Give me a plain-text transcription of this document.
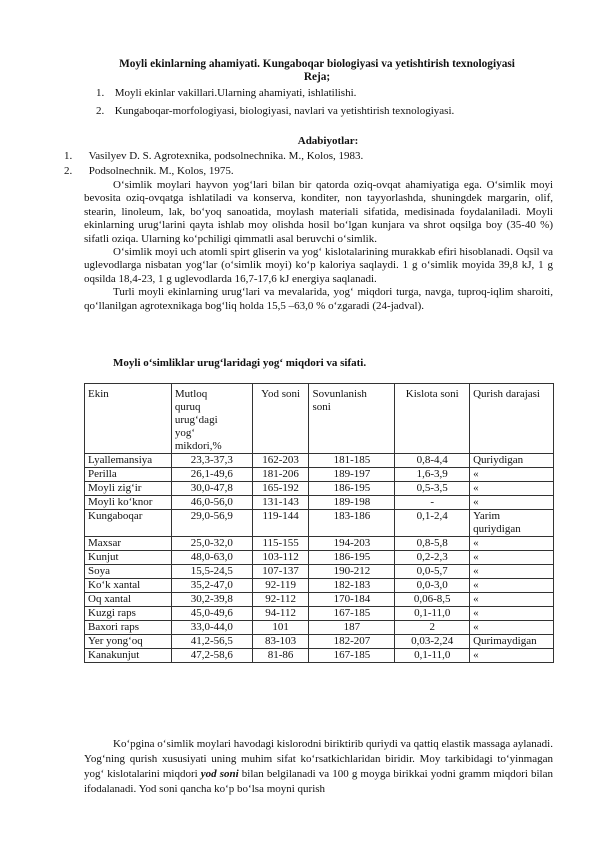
Moyli ekinlarning ahamiyati. Kungaboqar biologiyasi va yetishtirish texnologiyasi
Reja;
1. Moyli ekinlar vakillari.Ularning ahamiyati, ishlatilishi.
2. Kungaboqar-morfologiyasi, biologiyasi, navlari va yetishtirish texnologiyasi.
Adabiyotlar:
1. Vasilyev D. S. Agrotexnika, podsolnechnika. M., Kolos, 1983.
2. Podsolnechnik. M., Kolos, 1975.

O‘simlik moylari hayvon yog‘lari bilan bir qatorda oziq-ovqat ahamiyatiga ega. O‘simlik moyi bevosita oziq-ovqatga ishlatiladi va konserva, konditer, non tayyorlashda, shuningdek margarin, olif, stearin, linoleum, lak, bo‘yoq sanoatida, moylash materiali sifatida, medisinada foydalaniladi. Moyli ekinlarning urug‘larini qayta ishlab moy olishda hosil bo‘lgan kunjara va shrot oqsilga boy (35-40 %) sifatli oziqa. Ularning ko‘pchiligi qimmatli asal beruvchi o‘simlik.

O‘simlik moyi uch atomli spirt gliserin va yog‘ kislotalarining murakkab efiri hisoblanadi. Oqsil va uglevodlarga nisbatan yog‘lar (o‘simlik moyi) ko‘p kaloriya saqlaydi. 1 g o‘simlik moyida 39,8 kJ, 1 g oqsilda 18,4-23, 1 g uglevodlarda 16,7-17,6 kJ energiya saqlanadi.

Turli moyli ekinlarning urug‘lari va mevalarida, yog‘ miqdori turga, navga, tuproq-iqlim sharoiti, qo‘llanilgan agrotexnikaga bog‘liq holda 15,5 –63,0 % o‘zgaradi (24-jadval).

Moyli o‘simliklar urug‘laridagi yog‘ miqdori va sifati.
Ekin	Mutloq quruq urug‘dagi yog‘ mikdori,%	Yod soni	Sovunlanish soni	Kislota soni	Qurish darajasi
Lyallemansiya	23,3-37,3	162-203	181-185	0,8-4,4	Quriydigan
Perilla	26,1-49,6	181-206	189-197	1,6-3,9	«
Moyli zig‘ir	30,0-47,8	165-192	186-195	0,5-3,5	«
Moyli ko‘knor	46,0-56,0	131-143	189-198	-	«
Kungaboqar	29,0-56,9	119-144	183-186	0,1-2,4	Yarim quriydigan
Maxsar	25,0-32,0	115-155	194-203	0,8-5,8	«
Kunjut	48,0-63,0	103-112	186-195	0,2-2,3	«
Soya	15,5-24,5	107-137	190-212	0,0-5,7	«
Ko‘k xantal	35,2-47,0	92-119	182-183	0,0-3,0	«
Oq xantal	30,2-39,8	92-112	170-184	0,06-8,5	«
Kuzgi raps	45,0-49,6	94-112	167-185	0,1-11,0	«
Baxori raps	33,0-44,0	101	187	2	«
Yer yong‘oq	41,2-56,5	83-103	182-207	0,03-2,24	Qurimaydigan
Kanakunjut	47,2-58,6	81-86	167-185	0,1-11,0	«

Ko‘pgina o‘simlik moylari havodagi kislorodni biriktirib quriydi va qattiq elastik massaga aylanadi. Yog‘ning qurish xususiyati uning muhim sifat ko‘rsatkichlaridan biridir. Moy tarkibidagi to‘yinmagan yog‘ kislotalarini miqdori yod soni bilan belgilanadi va 100 g moyga birikkai yodni gramm miqdori bilan ifodalanadi. Yod soni qancha ko‘p bo‘lsa moyni qurish
